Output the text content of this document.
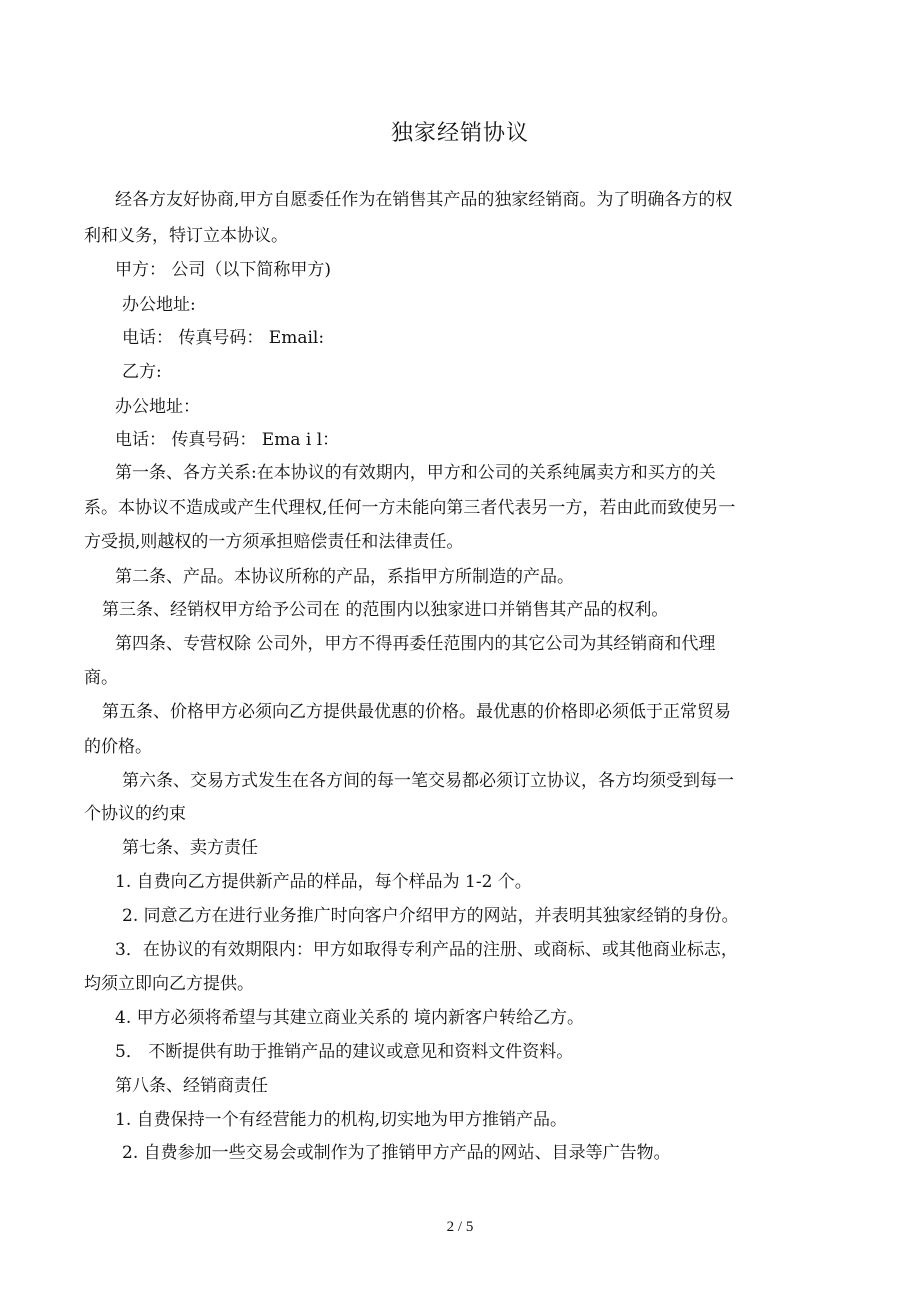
独家经销协议
经各方友好协商,甲方自愿委任作为在销售其产品的独家经销商。为了明确各方的权
利和义务，特订立本协议。
甲方： 公司（以下简称甲方)
办公地址:
电话： 传真号码： Email:
乙方:
办公地址：
电话： 传真号码： Ema i l：
第一条、各方关系:在本协议的有效期内，甲方和公司的关系纯属卖方和买方的关
系。本协议不造成或产生代理权,任何一方未能向第三者代表另一方，若由此而致使另一
方受损,则越权的一方须承担赔偿责任和法律责任。
第二条、产品。本协议所称的产品，系指甲方所制造的产品。
第三条、经销权甲方给予公司在 的范围内以独家进口并销售其产品的权利。
第四条、专营权除 公司外，甲方不得再委任范围内的其它公司为其经销商和代理
商。
第五条、价格甲方必须向乙方提供最优惠的价格。最优惠的价格即必须低于正常贸易
的价格。
第六条、交易方式发生在各方间的每一笔交易都必须订立协议，各方均须受到每一
个协议的约束
第七条、卖方责任
1. 自费向乙方提供新产品的样品，每个样品为 1-2 个。
2. 同意乙方在进行业务推广时向客户介绍甲方的网站，并表明其独家经销的身份。
3．在协议的有效期限内：甲方如取得专利产品的注册、或商标、或其他商业标志，
均须立即向乙方提供。
4. 甲方必须将希望与其建立商业关系的 境内新客户转给乙方。
5． 不断提供有助于推销产品的建议或意见和资料文件资料。
第八条、经销商责任
1. 自费保持一个有经营能力的机构,切实地为甲方推销产品。
2. 自费参加一些交易会或制作为了推销甲方产品的网站、目录等广告物。
2 / 5
